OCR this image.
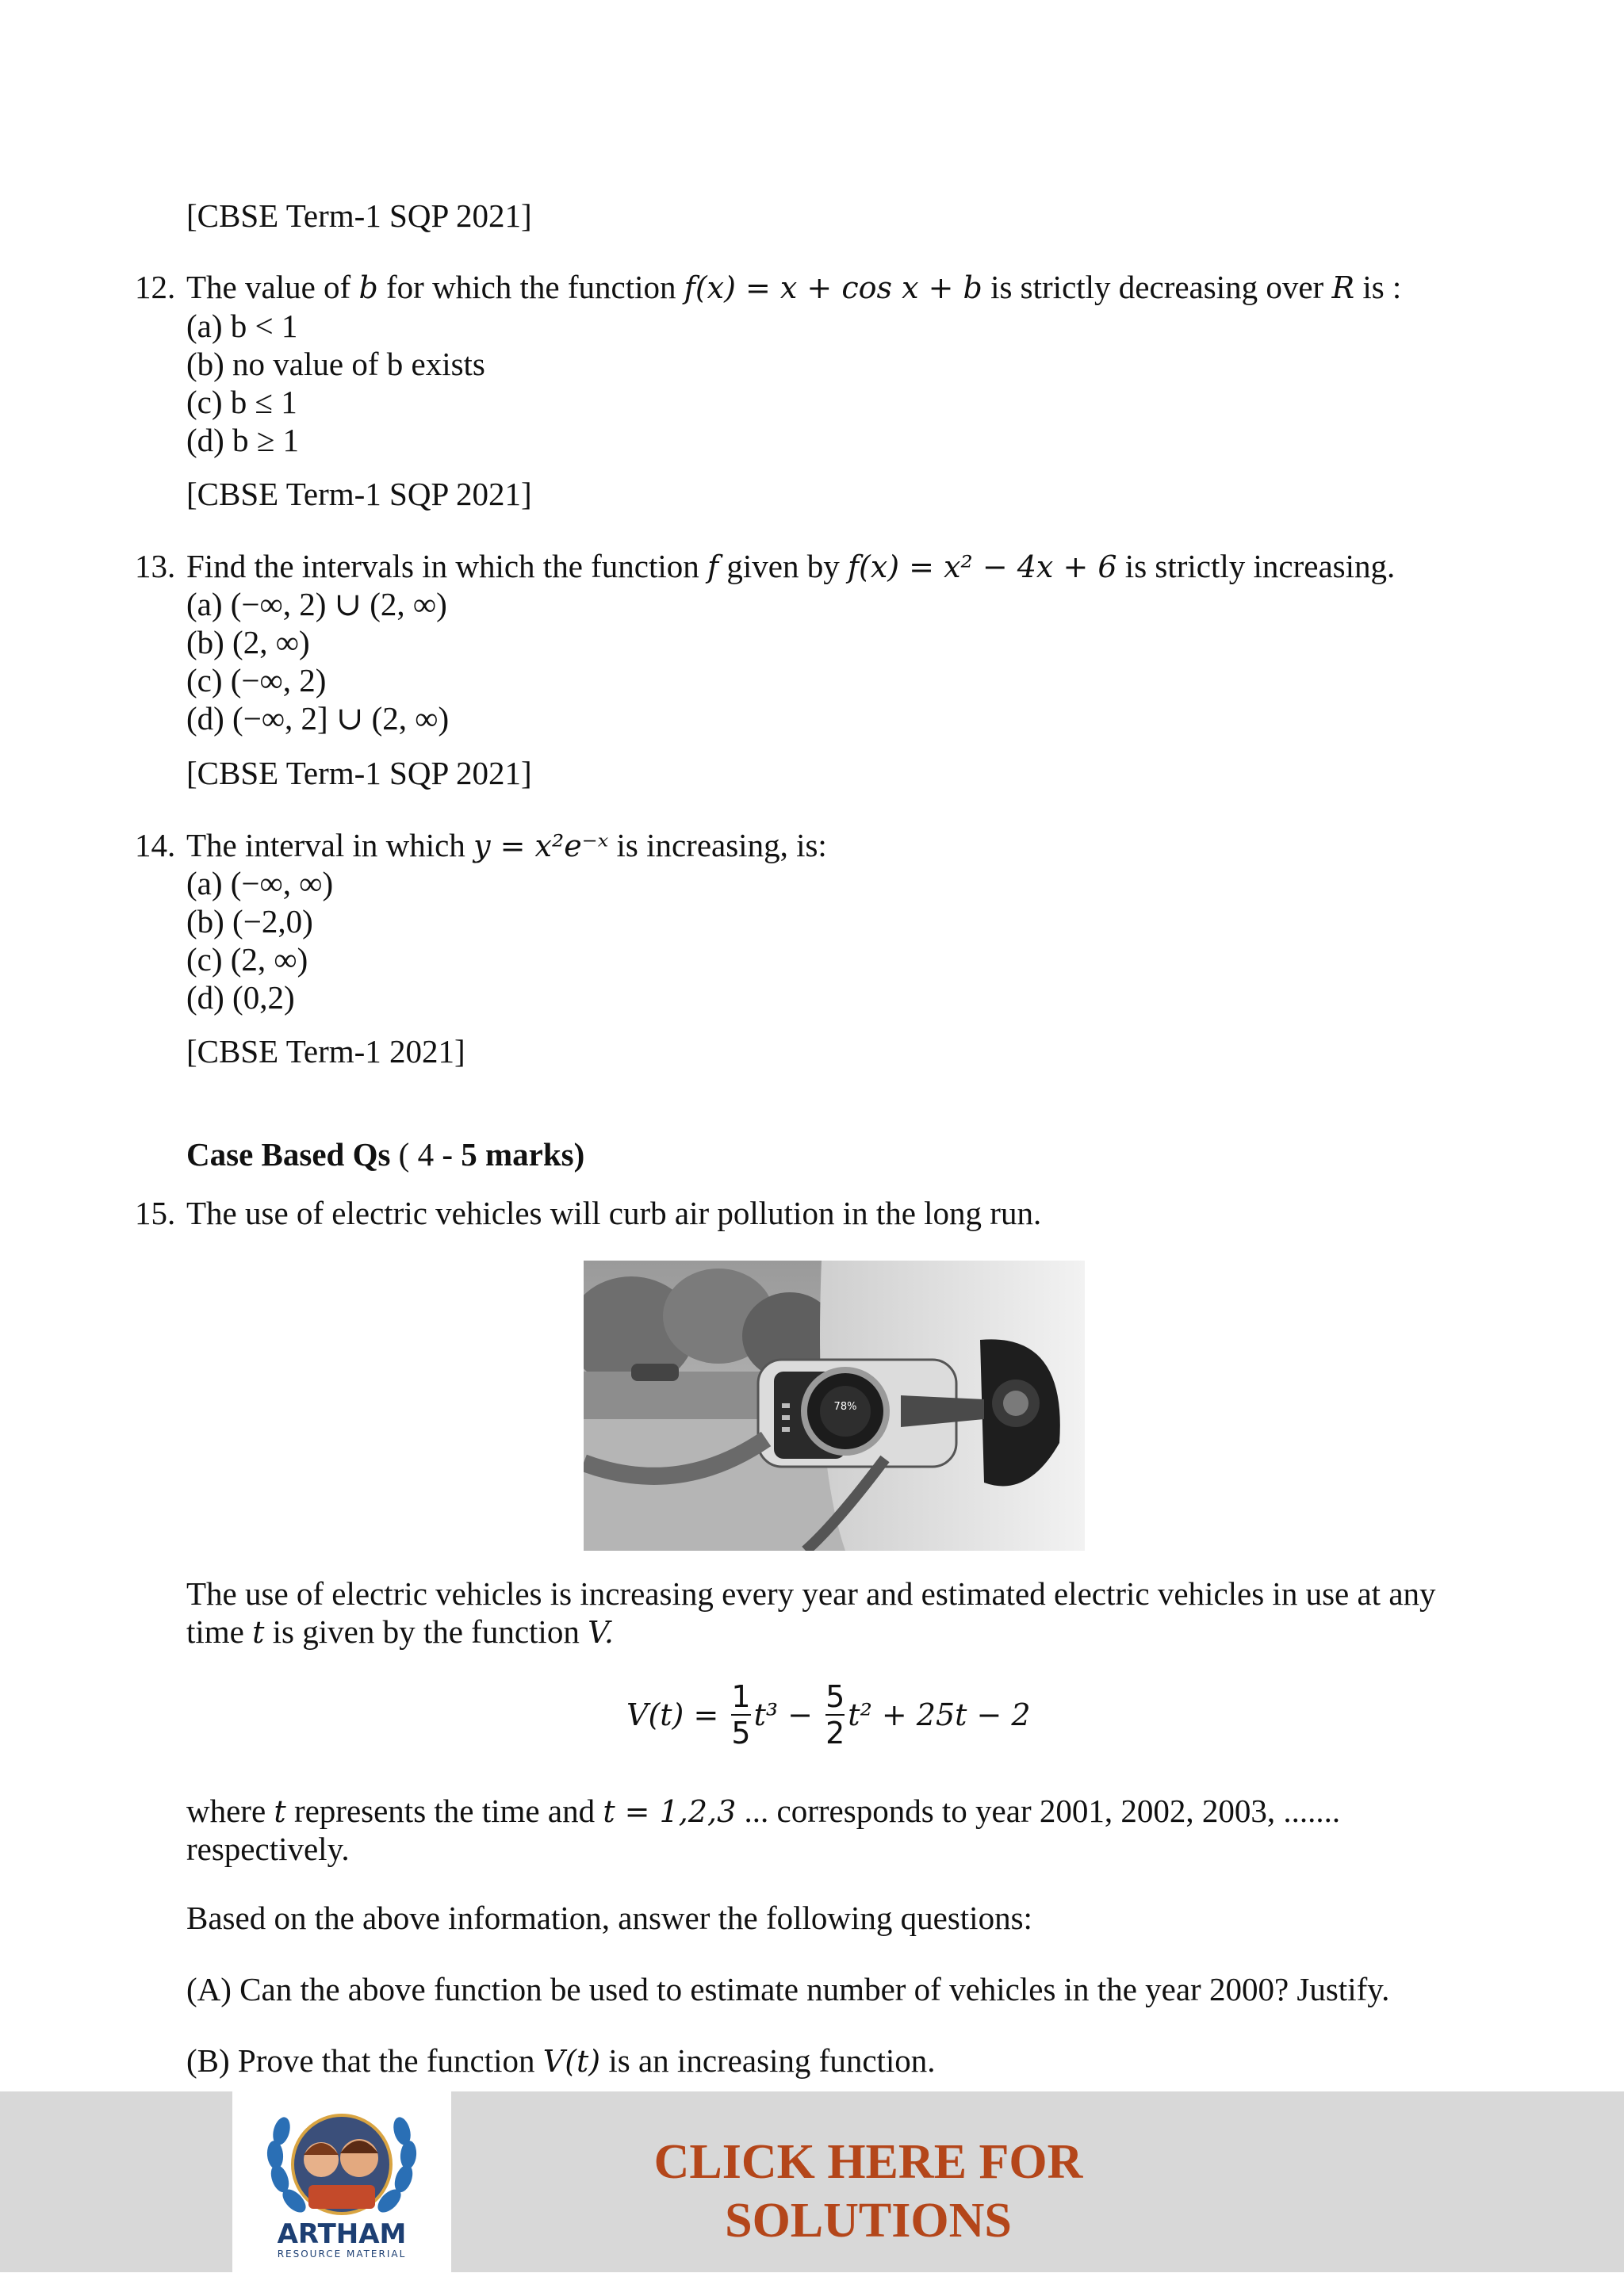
[CBSE Term-1 SQP 2021]
12. The value of b for which the function f(x) = x + cos x + b is strictly decreasing over R is :
(a) b < 1
(b) no value of b exists
(c) b ≤ 1
(d) b ≥ 1
[CBSE Term-1 SQP 2021]
13. Find the intervals in which the function f given by f(x) = x² − 4x + 6 is strictly increasing.
(a) (−∞, 2) ∪ (2, ∞)
(b) (2, ∞)
(c) (−∞, 2)
(d) (−∞, 2] ∪ (2, ∞)
[CBSE Term-1 SQP 2021]
14. The interval in which y = x²e⁻ˣ is increasing, is:
(a) (−∞, ∞)
(b) (−2,0)
(c) (2, ∞)
(d) (0,2)
[CBSE Term-1 2021]
Case Based Qs ( 4 - 5 marks)
15. The use of electric vehicles will curb air pollution in the long run.
78%
The use of electric vehicles is increasing every year and estimated electric vehicles in use at any
time t is given by the function V.
$V(t) = \frac{1}{5} t^3 - \frac{5}{2} t^2 + 25t - 2$
where t represents the time and t = 1,2,3 ... corresponds to year 2001, 2002, 2003, .......
respectively.
Based on the above information, answer the following questions:
(A) Can the above function be used to estimate number of vehicles in the year 2000? Justify.
(B) Prove that the function V(t) is an increasing function.
ARTHAM
RESOURCE MATERIAL
CLICK HERE FOR
SOLUTIONS
